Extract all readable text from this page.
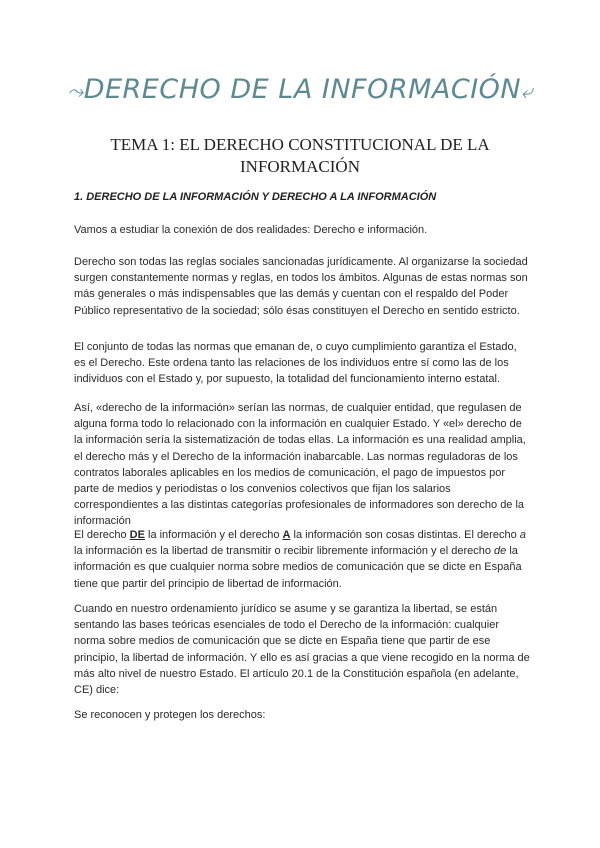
⤳DERECHO DE LA INFORMACIÓN⤶
TEMA 1: EL DERECHO CONSTITUCIONAL DE LA INFORMACIÓN
1. DERECHO DE LA INFORMACIÓN Y DERECHO A LA INFORMACIÓN

Vamos a estudiar la conexión de dos realidades: Derecho e información.

Derecho son todas las reglas sociales sancionadas jurídicamente. Al organizarse la sociedad surgen constantemente normas y reglas, en todos los ámbitos. Algunas de estas normas son más generales o más indispensables que las demás y cuentan con el respaldo del Poder Público representativo de la sociedad; sólo ésas constituyen el Derecho en sentido estricto.

El conjunto de todas las normas que emanan de, o cuyo cumplimiento garantiza el Estado, es el Derecho. Este ordena tanto las relaciones de los individuos entre sí como las de los individuos con el Estado y, por supuesto, la totalidad del funcionamiento interno estatal.

Así, «derecho de la información» serían las normas, de cualquier entidad, que regulasen de alguna forma todo lo relacionado con la información en cualquier Estado. Y «el» derecho de la información sería la sistematización de todas ellas. La información es una realidad amplia, el derecho más y el Derecho de la información inabarcable. Las normas reguladoras de los contratos laborales aplicables en los medios de comunicación, el pago de impuestos por parte de medios y periodistas o los convenios colectivos que fijan los salarios correspondientes a las distintas categorías profesionales de informadores son derecho de la información

El derecho DE la información y el derecho A la información son cosas distintas. El derecho a la información es la libertad de transmitir o recibir libremente información y el derecho de la información es que cualquier norma sobre medios de comunicación que se dicte en España tiene que partir del principio de libertad de información.

Cuando en nuestro ordenamiento jurídico se asume y se garantiza la libertad, se están sentando las bases teóricas esenciales de todo el Derecho de la información: cualquier norma sobre medios de comunicación que se dicte en España tiene que partir de ese principio, la libertad de información. Y ello es así gracias a que viene recogido en la norma de más alto nivel de nuestro Estado. El artículo 20.1 de la Constitución española (en adelante, CE) dice:

Se reconocen y protegen los derechos:
